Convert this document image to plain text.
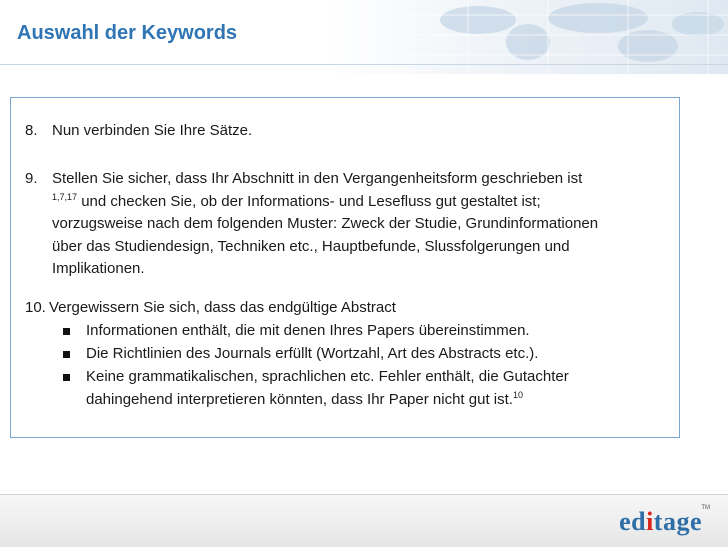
Auswahl der Keywords
8. Nun verbinden Sie Ihre Sätze.
9. Stellen Sie sicher, dass Ihr Abschnitt in den Vergangenheitsform geschrieben ist
$^{1,7,17}$ und checken Sie, ob der Informations- und Lesefluss gut gestaltet ist;
vorzugsweise nach dem folgenden Muster: Zweck der Studie, Grundinformationen
über das Studiendesign, Techniken etc., Hauptbefunde, Slussfolgerungen und
Implikationen.
10. Vergewissern Sie sich, dass das endgültige Abstract
Informationen enthält, die mit denen Ihres Papers übereinstimmen.
Die Richtlinien des Journals erfüllt (Wortzahl, Art des Abstracts etc.).
Keine grammatikalischen, sprachlichen etc. Fehler enthält, die Gutachter
dahingehend interpretieren könnten, dass Ihr Paper nicht gut ist.$^{10}$
editage TM
